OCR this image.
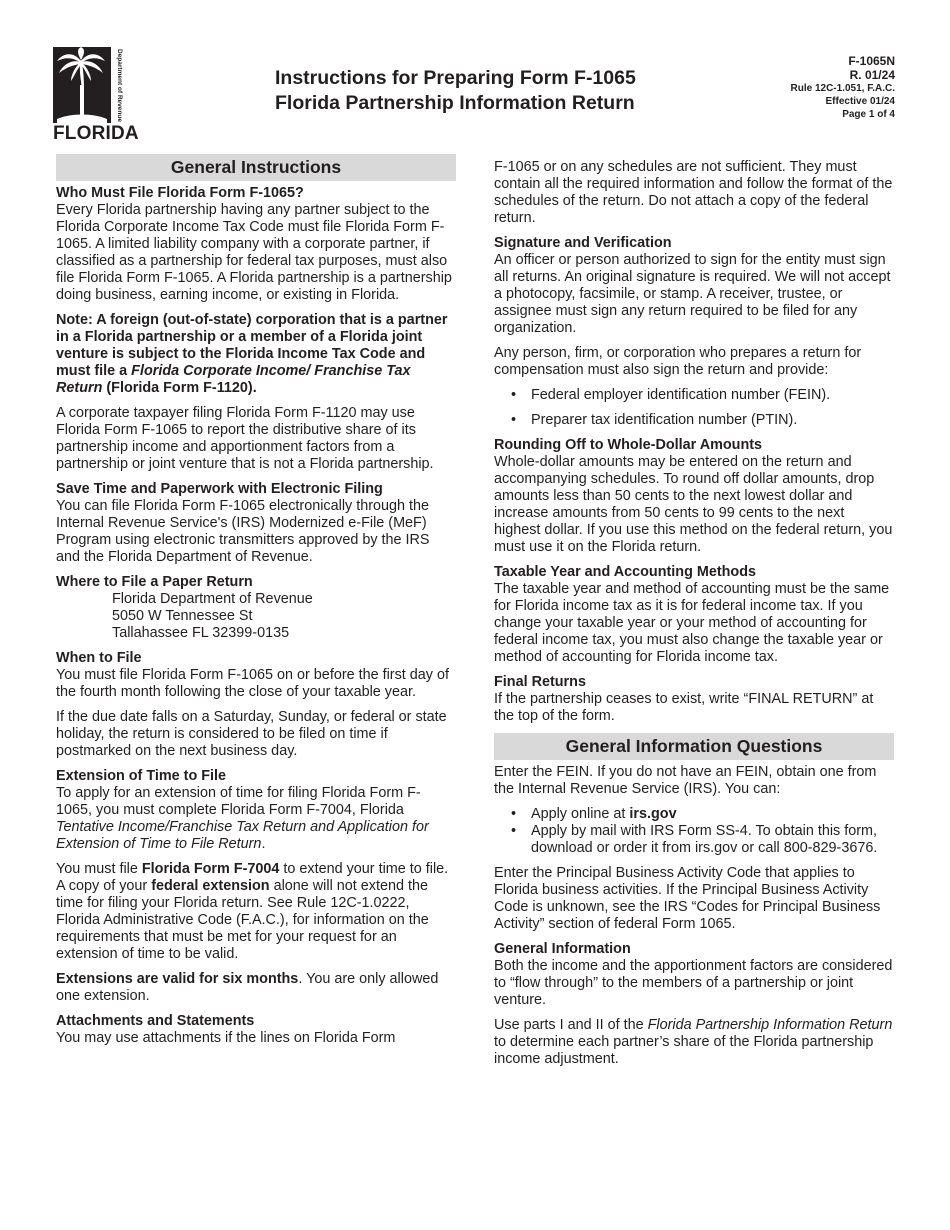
Department of Revenue
FLORIDA
Instructions for Preparing Form F-1065
Florida Partnership Information Return
F-1065N
R. 01/24
Rule 12C-1.051, F.A.C.
Effective 01/24
Page 1 of 4
General Instructions
Who Must File Florida Form F-1065?
Every Florida partnership having any partner subject to the Florida Corporate Income Tax Code must file Florida Form F-1065. A limited liability company with a corporate partner, if classified as a partnership for federal tax purposes, must also file Florida Form F-1065. A Florida partnership is a partnership doing business, earning income, or existing in Florida.

Note: A foreign (out-of-state) corporation that is a partner in a Florida partnership or a member of a Florida joint venture is subject to the Florida Income Tax Code and must file a Florida Corporate Income/ Franchise Tax Return (Florida Form F-1120).

A corporate taxpayer filing Florida Form F-1120 may use Florida Form F-1065 to report the distributive share of its partnership income and apportionment factors from a partnership or joint venture that is not a Florida partnership.

Save Time and Paperwork with Electronic Filing
You can file Florida Form F-1065 electronically through the Internal Revenue Service's (IRS) Modernized e-File (MeF) Program using electronic transmitters approved by the IRS and the Florida Department of Revenue.
Where to File a Paper Return
Florida Department of Revenue
5050 W Tennessee St
Tallahassee FL 32399-0135
When to File
You must file Florida Form F-1065 on or before the first day of the fourth month following the close of your taxable year.

If the due date falls on a Saturday, Sunday, or federal or state holiday, the return is considered to be filed on time if postmarked on the next business day.

Extension of Time to File
To apply for an extension of time for filing Florida Form F-1065, you must complete Florida Form F-7004, Florida Tentative Income/Franchise Tax Return and Application for Extension of Time to File Return.

You must file Florida Form F-7004 to extend your time to file. A copy of your federal extension alone will not extend the time for filing your Florida return. See Rule 12C-1.0222, Florida Administrative Code (F.A.C.), for information on the requirements that must be met for your request for an extension of time to be valid.

Extensions are valid for six months. You are only allowed one extension.

Attachments and Statements
You may use attachments if the lines on Florida Form

F-1065 or on any schedules are not sufficient. They must contain all the required information and follow the format of the schedules of the return. Do not attach a copy of the federal return.

Signature and Verification
An officer or person authorized to sign for the entity must sign all returns. An original signature is required. We will not accept a photocopy, facsimile, or stamp. A receiver, trustee, or assignee must sign any return required to be filed for any organization.

Any person, firm, or corporation who prepares a return for compensation must also sign the return and provide:

• Federal employer identification number (FEIN).
• Preparer tax identification number (PTIN).
Rounding Off to Whole-Dollar Amounts
Whole-dollar amounts may be entered on the return and accompanying schedules. To round off dollar amounts, drop amounts less than 50 cents to the next lowest dollar and increase amounts from 50 cents to 99 cents to the next highest dollar. If you use this method on the federal return, you must use it on the Florida return.
Taxable Year and Accounting Methods
The taxable year and method of accounting must be the same for Florida income tax as it is for federal income tax. If you change your taxable year or your method of accounting for federal income tax, you must also change the taxable year or method of accounting for Florida income tax.
Final Returns
If the partnership ceases to exist, write “FINAL RETURN” at the top of the form.
General Information Questions

Enter the FEIN. If you do not have an FEIN, obtain one from the Internal Revenue Service (IRS). You can:

• Apply online at irs.gov
• Apply by mail with IRS Form SS-4. To obtain this form, download or order it from irs.gov or call 800-829-3676.

Enter the Principal Business Activity Code that applies to Florida business activities. If the Principal Business Activity Code is unknown, see the IRS “Codes for Principal Business Activity” section of federal Form 1065.

General Information
Both the income and the apportionment factors are considered to “flow through” to the members of a partnership or joint venture.

Use parts I and II of the Florida Partnership Information Return to determine each partner’s share of the Florida partnership income adjustment.
